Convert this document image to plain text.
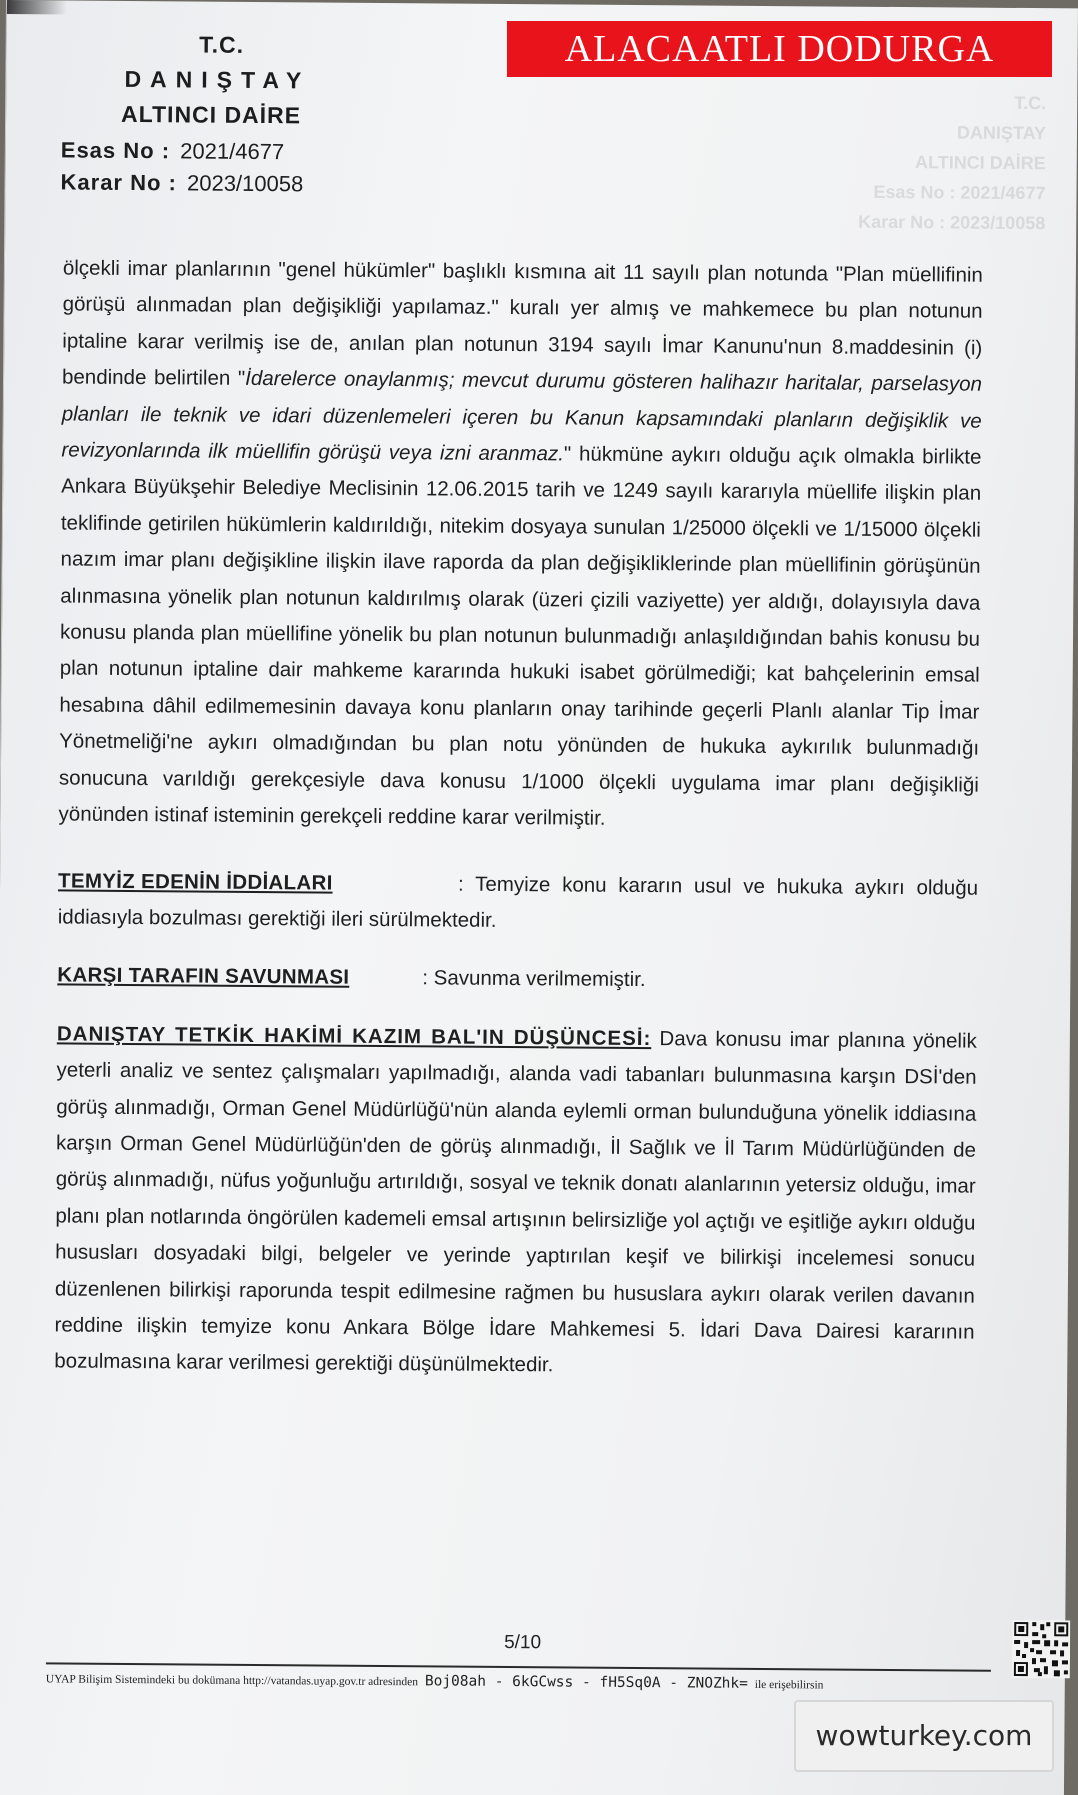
T.C.
DANIŞTAY
ALTINCI DAİRE
Esas No : 2021/4677
Karar No : 2023/10058
T.C.
DANIŞTAY
ALTINCI DAİRE
Esas No : 2021/4677
Karar No : 2023/10058

ölçekli imar planlarının "genel hükümler" başlıklı kısmına ait 11 sayılı plan notunda "Plan müellifinin görüşü alınmadan plan değişikliği yapılamaz." kuralı yer almış ve mahkemece bu plan notunun iptaline karar verilmiş ise de, anılan plan notunun 3194 sayılı İmar Kanunu'nun 8.maddesinin (i) bendinde belirtilen "İdarelerce onaylanmış; mevcut durumu gösteren halihazır haritalar, parselasyon planları ile teknik ve idari düzenlemeleri içeren bu Kanun kapsamındaki planların değişiklik ve revizyonlarında ilk müellifin görüşü veya izni aranmaz." hükmüne aykırı olduğu açık olmakla birlikte Ankara Büyükşehir Belediye Meclisinin 12.06.2015 tarih ve 1249 sayılı kararıyla müellife ilişkin plan teklifinde getirilen hükümlerin kaldırıldığı, nitekim dosyaya sunulan 1/25000 ölçekli ve 1/15000 ölçekli nazım imar planı değişikline ilişkin ilave raporda da plan değişikliklerinde plan müellifinin görüşünün alınmasına yönelik plan notunun kaldırılmış olarak (üzeri çizili vaziyette) yer aldığı, dolayısıyla dava konusu planda plan müellifine yönelik bu plan notunun bulunmadığı anlaşıldığından bahis konusu bu plan notunun iptaline dair mahkeme kararında hukuki isabet görülmediği; kat bahçelerinin emsal hesabına dâhil edilmemesinin davaya konu planların onay tarihinde geçerli Planlı alanlar Tip İmar Yönetmeliği'ne aykırı olmadığından bu plan notu yönünden de hukuka aykırılık bulunmadığı sonucuna varıldığı gerekçesiyle dava konusu 1/1000 ölçekli uygulama imar planı değişikliği yönünden istinaf isteminin gerekçeli reddine karar verilmiştir.

TEMYİZ EDENİN İDDİALARI	: Temyize konu kararın usul ve hukuka aykırı olduğu iddiasıyla bozulması gerektiği ileri sürülmektedir.

KARŞI TARAFIN SAVUNMASI	: Savunma verilmemiştir.

DANIŞTAY TETKİK HAKİMİ KAZIM BAL'IN DÜŞÜNCESİ: Dava konusu imar planına yönelik yeterli analiz ve sentez çalışmaları yapılmadığı, alanda vadi tabanları bulunmasına karşın DSİ'den görüş alınmadığı, Orman Genel Müdürlüğü'nün alanda eylemli orman bulunduğuna yönelik iddiasına karşın Orman Genel Müdürlüğün'den de görüş alınmadığı, İl Sağlık ve İl Tarım Müdürlüğünden de görüş alınmadığı, nüfus yoğunluğu artırıldığı, sosyal ve teknik donatı alanlarının yetersiz olduğu, imar planı plan notlarında öngörülen kademeli emsal artışının belirsizliğe yol açtığı ve eşitliğe aykırı olduğu hususları dosyadaki bilgi, belgeler ve yerinde yaptırılan keşif ve bilirkişi incelemesi sonucu düzenlenen bilirkişi raporunda tespit edilmesine rağmen bu hususlara aykırı olarak verilen davanın reddine ilişkin temyize konu Ankara Bölge İdare Mahkemesi 5. İdari Dava Dairesi kararının bozulmasına karar verilmesi gerektiği düşünülmektedir.

5/10
UYAP Bilişim Sistemindeki bu dokümana http://vatandas.uyap.gov.tr adresinden Boj08ah - 6kGCwss - fH5Sq0A - ZNOZhk= ile erişebilirsin
ALACAATLI DODURGA
wowturkey.com
